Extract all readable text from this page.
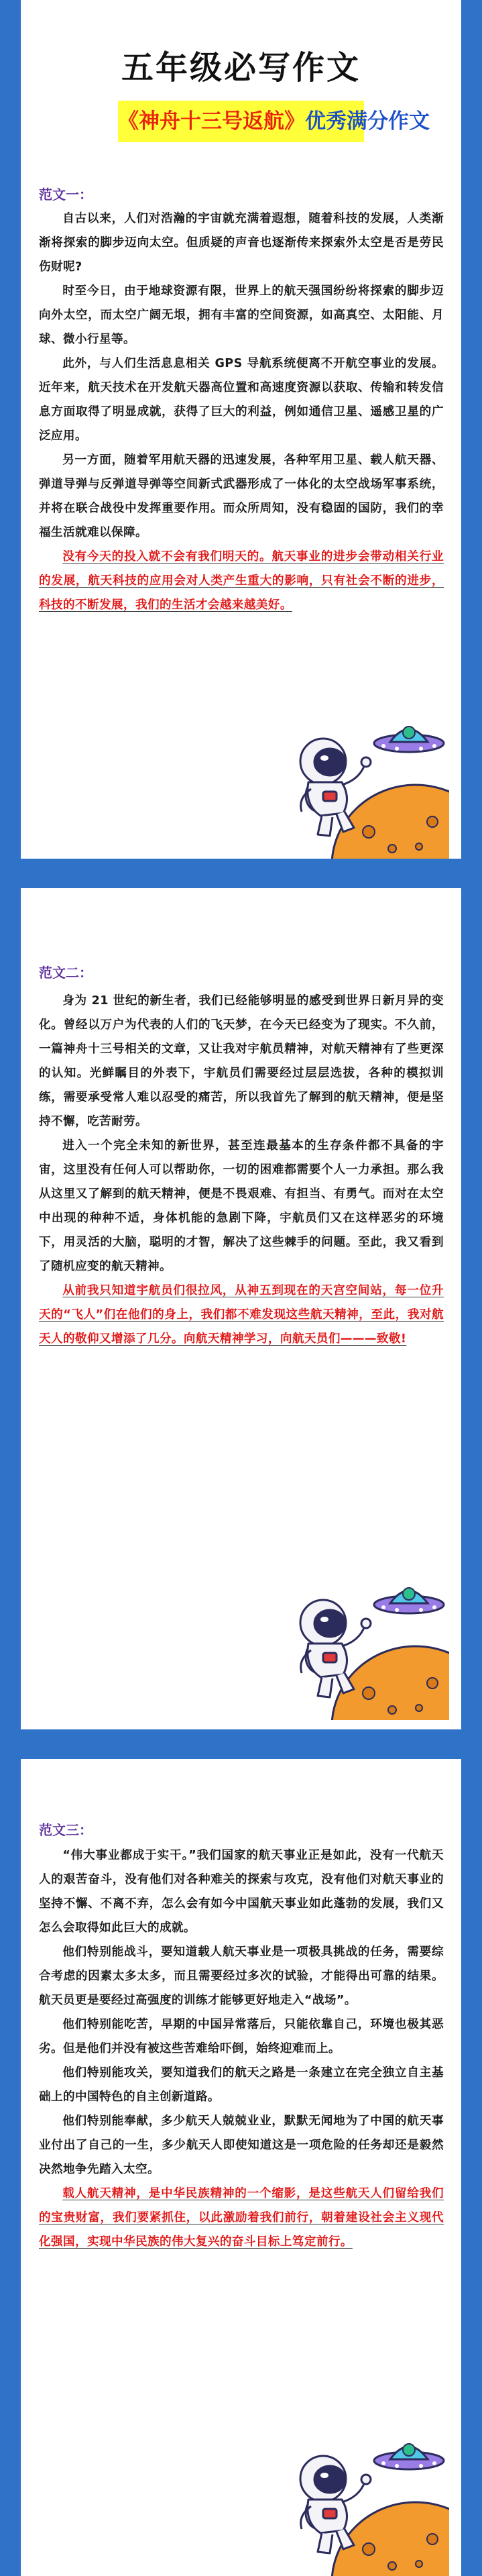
五年级必写作文
《神舟十三号返航》优秀满分作文
范文一：

自古以来，人们对浩瀚的宇宙就充满着遐想，随着科技的发展，人类渐渐将探索的脚步迈向太空。但质疑的声音也逐渐传来探索外太空是否是劳民伤财呢?

时至今日，由于地球资源有限，世界上的航天强国纷纷将探索的脚步迈向外太空，而太空广阔无垠，拥有丰富的空间资源，如高真空、太阳能、月球、微小行星等。

此外，与人们生活息息相关 GPS 导航系统便离不开航空事业的发展。近年来，航天技术在开发航天器高位置和高速度资源以获取、传输和转发信息方面取得了明显成就，获得了巨大的利益，例如通信卫星、遥感卫星的广泛应用。

另一方面，随着军用航天器的迅速发展，各种军用卫星、载人航天器、弹道导弹与反弹道导弹等空间新式武器形成了一体化的太空战场军事系统，并将在联合战役中发挥重要作用。而众所周知，没有稳固的国防，我们的幸福生活就难以保障。

没有今天的投入就不会有我们明天的。航天事业的进步会带动相关行业的发展，航天科技的应用会对人类产生重大的影响，只有社会不断的进步，科技的不断发展，我们的生活才会越来越美好。

范文二：

身为 21 世纪的新生者，我们已经能够明显的感受到世界日新月异的变化。曾经以万户为代表的人们的飞天梦，在今天已经变为了现实。不久前，一篇神舟十三号相关的文章，又让我对宇航员精神，对航天精神有了些更深的认知。光鲜瞩目的外表下，宇航员们需要经过层层选拔，各种的模拟训练，需要承受常人难以忍受的痛苦，所以我首先了解到的航天精神，便是坚持不懈，吃苦耐劳。

进入一个完全未知的新世界，甚至连最基本的生存条件都不具备的宇宙，这里没有任何人可以帮助你，一切的困难都需要个人一力承担。那么我从这里又了解到的航天精神，便是不畏艰难、有担当、有勇气。而对在太空中出现的种种不适，身体机能的急剧下降，宇航员们又在这样恶劣的环境下，用灵活的大脑，聪明的才智，解决了这些棘手的问题。至此，我又看到了随机应变的航天精神。

从前我只知道宇航员们很拉风，从神五到现在的天宫空间站，每一位升天的“飞人”们在他们的身上，我们都不难发现这些航天精神，至此，我对航天人的敬仰又增添了几分。向航天精神学习，向航天员们———致敬!

范文三：

“伟大事业都成于实干。”我们国家的航天事业正是如此，没有一代航天人的艰苦奋斗，没有他们对各种难关的探索与攻克，没有他们对航天事业的坚持不懈、不离不弃，怎么会有如今中国航天事业如此蓬勃的发展，我们又怎么会取得如此巨大的成就。

他们特别能战斗，要知道载人航天事业是一项极具挑战的任务，需要综合考虑的因素太多太多，而且需要经过多次的试验，才能得出可靠的结果。航天员更是要经过高强度的训练才能够更好地走入“战场”。

他们特别能吃苦，早期的中国异常落后，只能依靠自己，环境也极其恶劣。但是他们并没有被这些苦难给吓倒，始终迎难而上。

他们特别能攻关，要知道我们的航天之路是一条建立在完全独立自主基础上的中国特色的自主创新道路。

他们特别能奉献，多少航天人兢兢业业，默默无闻地为了中国的航天事业付出了自己的一生，多少航天人即使知道这是一项危险的任务却还是毅然决然地争先踏入太空。

载人航天精神，是中华民族精神的一个缩影，是这些航天人们留给我们的宝贵财富，我们要紧抓住，以此激励着我们前行，朝着建设社会主义现代化强国，实现中华民族的伟大复兴的奋斗目标上笃定前行。
